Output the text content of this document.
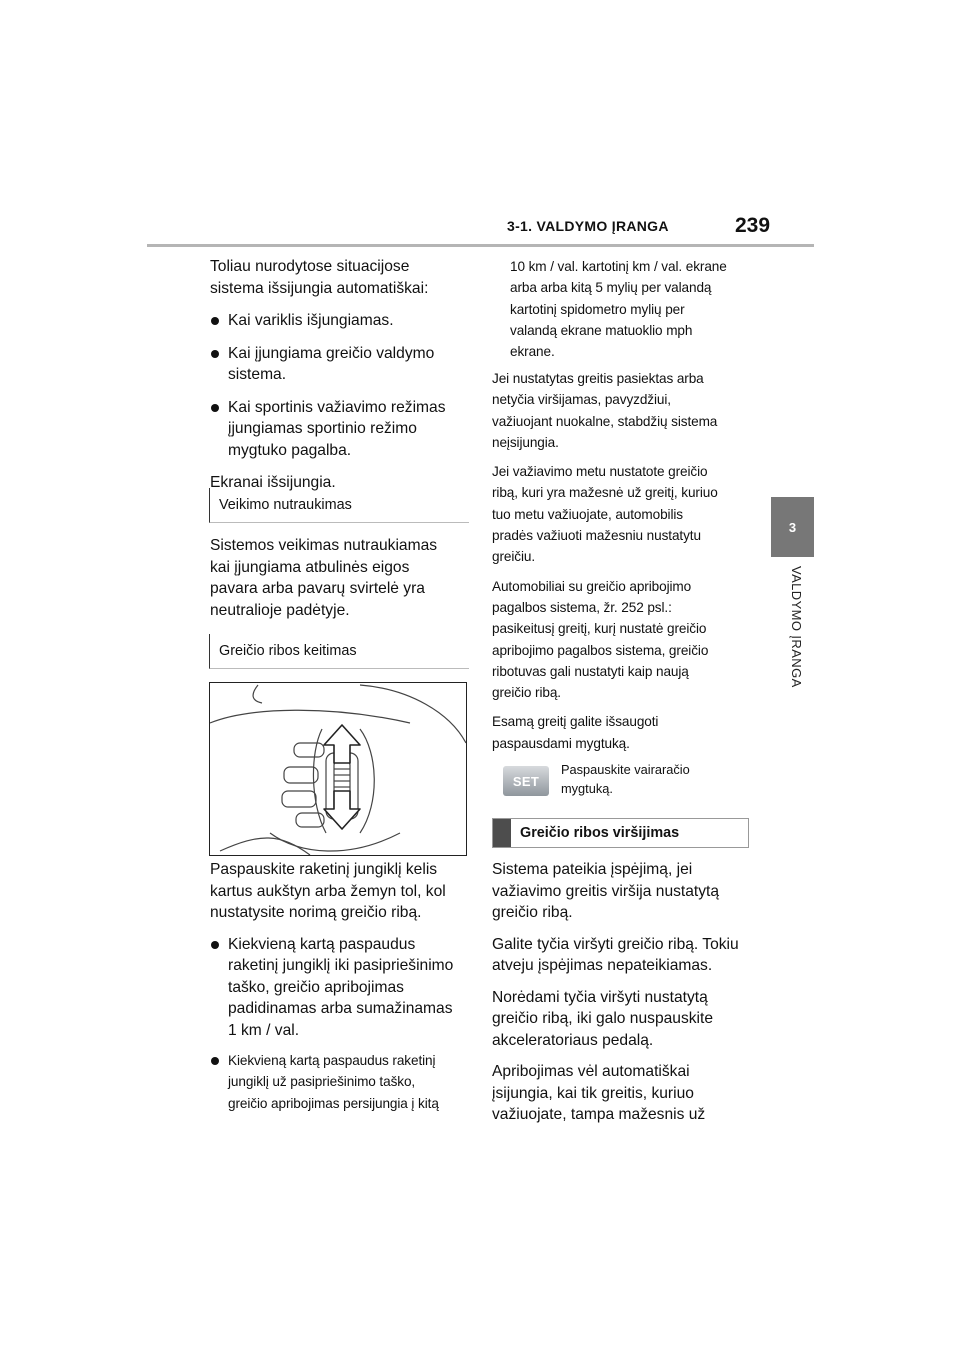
3-1. VALDYMO ĮRANGA	239
3
VALDYMO ĮRANGA

Toliau nurodytose situacijose

sistema išsijungia automatiškai:

Kai variklis išjungiamas.

Kai įjungiama greičio valdymo

sistema.

Kai sportinis važiavimo režimas

įjungiamas sportinio režimo

mygtuko pagalba.

Ekranai išsijungia.

Veikimo nutraukimas

Sistemos veikimas nutraukiamas

kai įjungiama atbulinės eigos

pavara arba pavarų svirtelė yra

neutralioje padėtyje.

Greičio ribos keitimas

Paspauskite raketinį jungiklį kelis

kartus aukštyn arba žemyn tol, kol

nustatysite norimą greičio ribą.

Kiekvieną kartą paspaudus

raketinį jungiklį iki pasipriešinimo

taško, greičio apribojimas

padidinamas arba sumažinamas

1 km / val.

Kiekvieną kartą paspaudus raketinį

jungiklį už pasipriešinimo taško,

greičio apribojimas persijungia į kitą

10 km / val. kartotinį km / val. ekrane

arba arba kitą 5 mylių per valandą

kartotinį spidometro mylių per

valandą ekrane matuoklio mph

ekrane.

Jei nustatytas greitis pasiektas arba

netyčia viršijamas, pavyzdžiui,

važiuojant nuokalne, stabdžių sistema

neįsijungia.

Jei važiavimo metu nustatote greičio

ribą, kuri yra mažesnė už greitį, kuriuo

tuo metu važiuojate, automobilis

pradės važiuoti mažesniu nustatytu

greičiu.

Automobiliai su greičio apribojimo

pagalbos sistema, žr. 252 psl.:

pasikeitusį greitį, kurį nustatė greičio

apribojimo pagalbos sistema, greičio

ribotuvas gali nustatyti kaip naują

greičio ribą.

Esamą greitį galite išsaugoti

paspausdami mygtuką.

SET

Paspauskite vairaračio

mygtuką.

Greičio ribos viršijimas

Sistema pateikia įspėjimą, jei

važiavimo greitis viršija nustatytą

greičio ribą.

Galite tyčia viršyti greičio ribą. Tokiu

atveju įspėjimas nepateikiamas.

Norėdami tyčia viršyti nustatytą

greičio ribą, iki galo nuspauskite

akceleratoriaus pedalą.

Apribojimas vėl automatiškai

įsijungia, kai tik greitis, kuriuo

važiuojate, tampa mažesnis už
